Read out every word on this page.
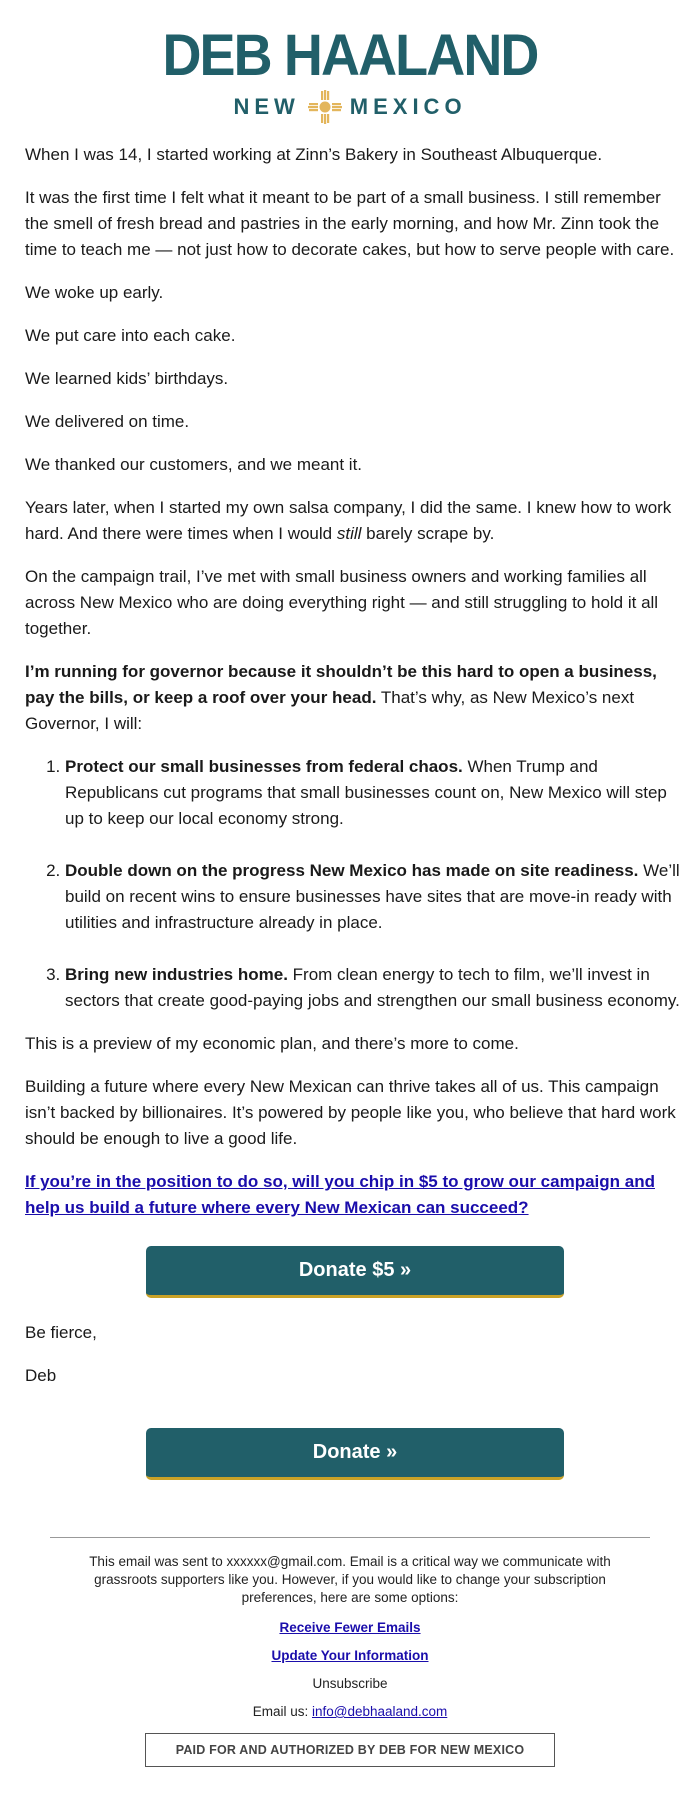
DEB HAALAND
NEW MEXICO

When I was 14, I started working at Zinn’s Bakery in Southeast Albuquerque.

It was the first time I felt what it meant to be part of a small business. I still remember the smell of fresh bread and pastries in the early morning, and how Mr. Zinn took the time to teach me — not just how to decorate cakes, but how to serve people with care.

We woke up early.

We put care into each cake.

We learned kids’ birthdays.

We delivered on time.

We thanked our customers, and we meant it.

Years later, when I started my own salsa company, I did the same. I knew how to work hard. And there were times when I would still barely scrape by.

On the campaign trail, I’ve met with small business owners and working families all across New Mexico who are doing everything right — and still struggling to hold it all together.

I’m running for governor because it shouldn’t be this hard to open a business, pay the bills, or keep a roof over your head. That’s why, as New Mexico’s next Governor, I will:

1. Protect our small businesses from federal chaos. When Trump and Republicans cut programs that small businesses count on, New Mexico will step up to keep our local economy strong.
2. Double down on the progress New Mexico has made on site readiness. We’ll build on recent wins to ensure businesses have sites that are move-in ready with utilities and infrastructure already in place.
3. Bring new industries home. From clean energy to tech to film, we’ll invest in sectors that create good-paying jobs and strengthen our small business economy.

This is a preview of my economic plan, and there’s more to come.

Building a future where every New Mexican can thrive takes all of us. This campaign isn’t backed by billionaires. It’s powered by people like you, who believe that hard work should be enough to live a good life.

If you’re in the position to do so, will you chip in $5 to grow our campaign and help us build a future where every New Mexican can succeed?
Donate $5 »

Be fierce,

Deb

Donate »
This email was sent to xxxxxx@gmail.com. Email is a critical way we communicate with grassroots supporters like you. However, if you would like to change your subscription preferences, here are some options:
Receive Fewer Emails
Update Your Information
Unsubscribe
Email us: info@debhaaland.com
PAID FOR AND AUTHORIZED BY DEB FOR NEW MEXICO
